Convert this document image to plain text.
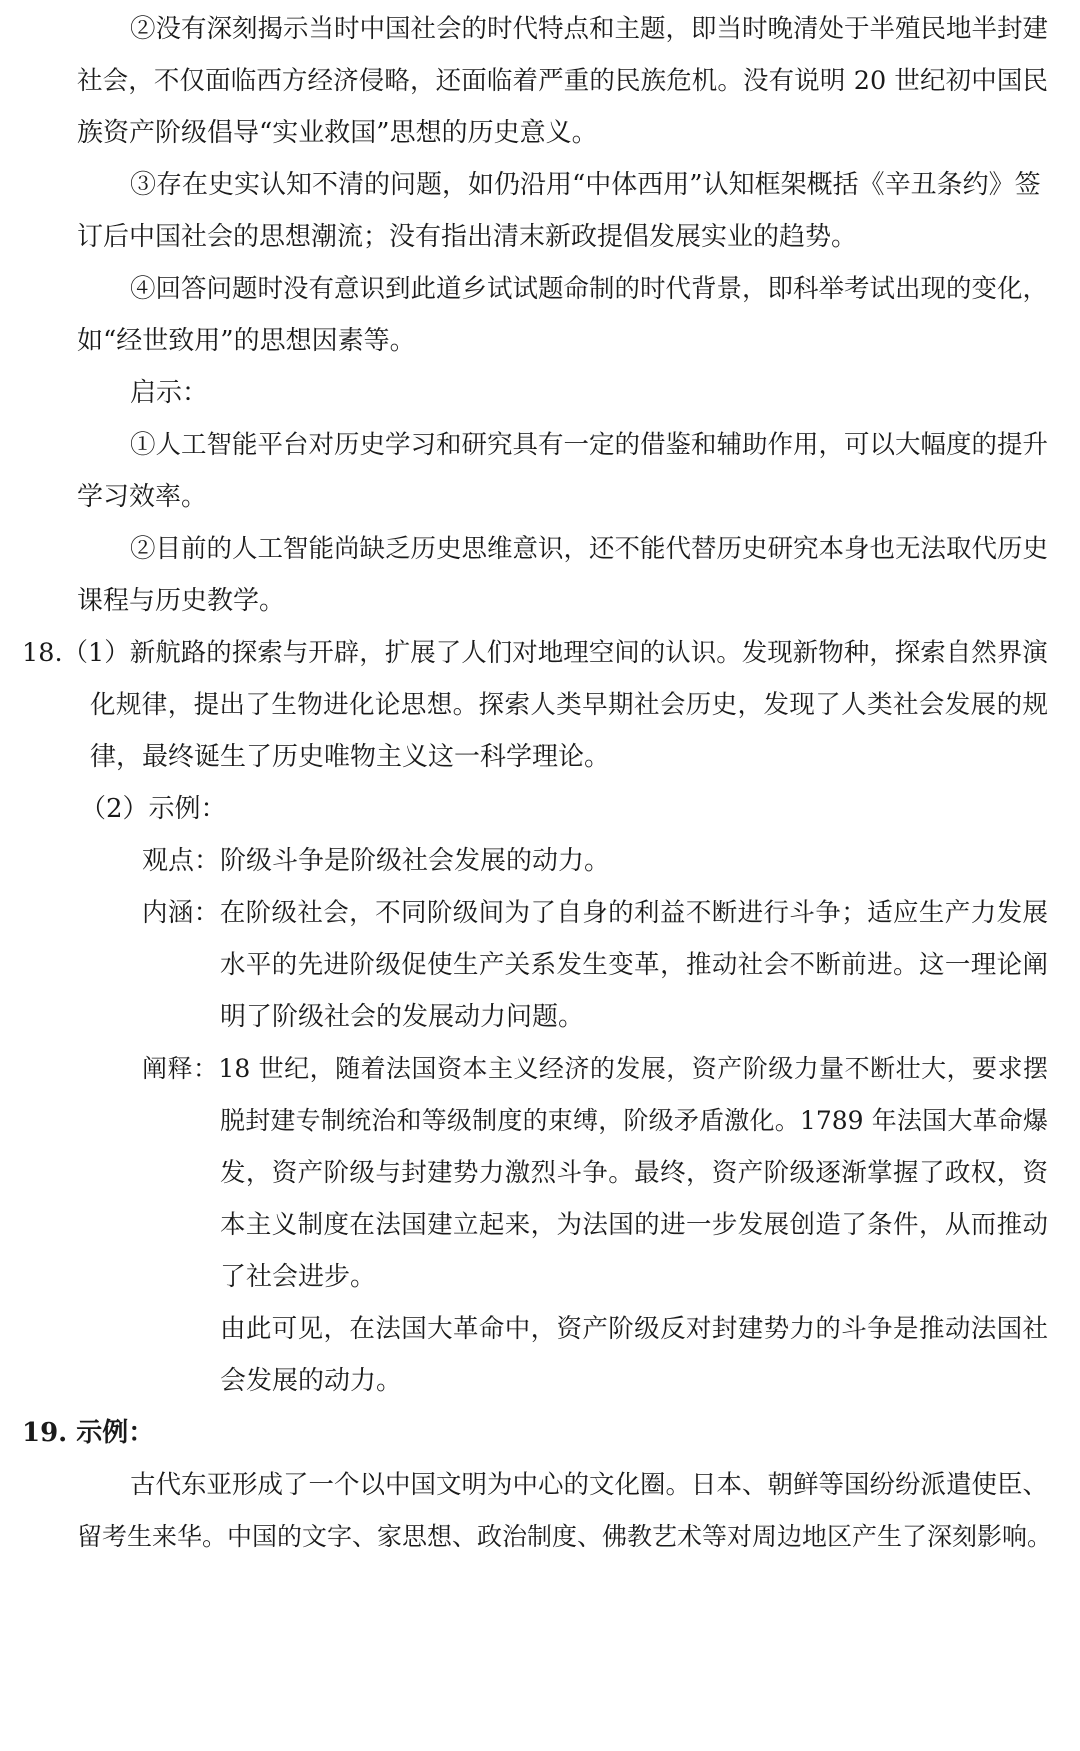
②没有深刻揭示当时中国社会的时代特点和主题，即当时晚清处于半殖民地半封建
社会，不仅面临西方经济侵略，还面临着严重的民族危机。没有说明 20 世纪初中国民
族资产阶级倡导“实业救国”思想的历史意义。
③存在史实认知不清的问题，如仍沿用“中体西用”认知框架概括《辛丑条约》签
订后中国社会的思想潮流；没有指出清末新政提倡发展实业的趋势。
④回答问题时没有意识到此道乡试试题命制的时代背景，即科举考试出现的变化，
如“经世致用”的思想因素等。
启示：
①人工智能平台对历史学习和研究具有一定的借鉴和辅助作用，可以大幅度的提升
学习效率。
②目前的人工智能尚缺乏历史思维意识，还不能代替历史研究本身也无法取代历史
课程与历史教学。
18.（1）新航路的探索与开辟，扩展了人们对地理空间的认识。发现新物种，探索自然界演
化规律，提出了生物进化论思想。探索人类早期社会历史，发现了人类社会发展的规
律，最终诞生了历史唯物主义这一科学理论。
（2）示例：
观点：阶级斗争是阶级社会发展的动力。
内涵：在阶级社会，不同阶级间为了自身的利益不断进行斗争；适应生产力发展
水平的先进阶级促使生产关系发生变革，推动社会不断前进。这一理论阐
明了阶级社会的发展动力问题。
阐释：18 世纪，随着法国资本主义经济的发展，资产阶级力量不断壮大，要求摆
脱封建专制统治和等级制度的束缚，阶级矛盾激化。1789 年法国大革命爆
发，资产阶级与封建势力激烈斗争。最终，资产阶级逐渐掌握了政权，资
本主义制度在法国建立起来，为法国的进一步发展创造了条件，从而推动
了社会进步。
由此可见，在法国大革命中，资产阶级反对封建势力的斗争是推动法国社
会发展的动力。
19. 示例：
古代东亚形成了一个以中国文明为中心的文化圈。日本、朝鲜等国纷纷派遣使臣、
留考生来华。中国的文字、家思想、政治制度、佛教艺术等对周边地区产生了深刻影响。
